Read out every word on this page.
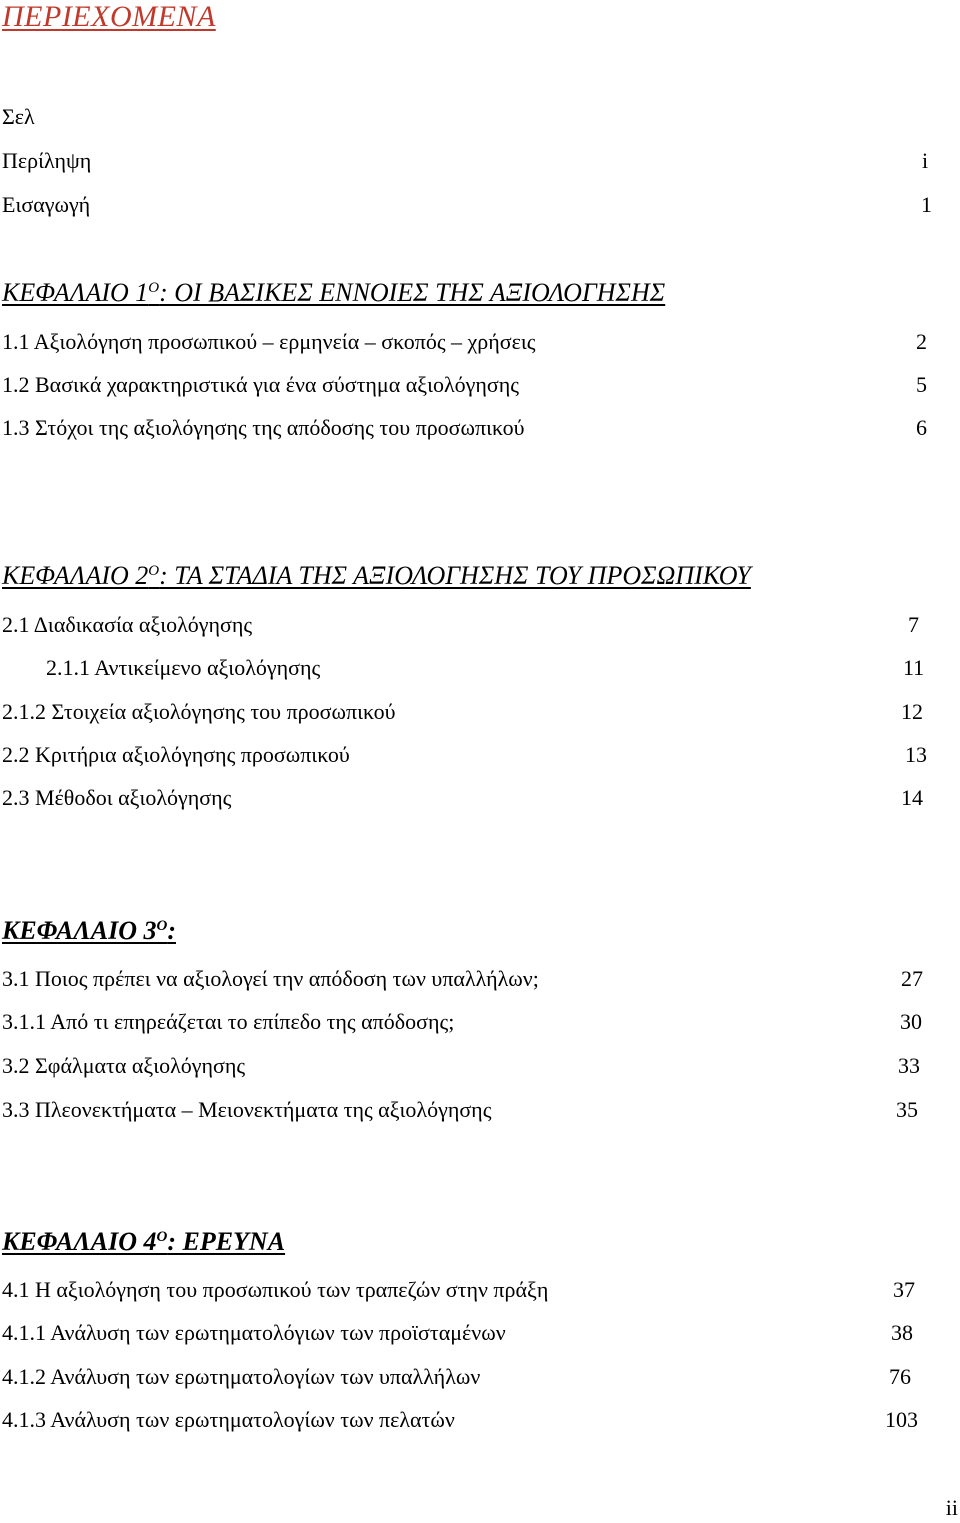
ΠΕΡΙΕΧΟΜΕΝΑ
Σελ
Περίληψη	i
Εισαγωγή	1
ΚΕΦΑΛΑΙΟ $1^O$: ΟΙ ΒΑΣΙΚΕΣ ΕΝΝΟΙΕΣ ΤΗΣ ΑΞΙΟΛΟΓΗΣΗΣ
1.1 Αξιολόγηση προσωπικού – ερμηνεία – σκοπός – χρήσεις	2
1.2 Βασικά χαρακτηριστικά για ένα σύστημα αξιολόγησης	5
1.3 Στόχοι της αξιολόγησης της απόδοσης του προσωπικού	6
ΚΕΦΑΛΑΙΟ $2^O$: ΤΑ ΣΤΑΔΙΑ ΤΗΣ ΑΞΙΟΛΟΓΗΣΗΣ ΤΟΥ ΠΡΟΣΩΠΙΚΟΥ
2.1 Διαδικασία αξιολόγησης	7
2.1.1 Αντικείμενο αξιολόγησης	11
2.1.2 Στοιχεία αξιολόγησης του προσωπικού	12
2.2 Κριτήρια αξιολόγησης προσωπικού	13
2.3 Μέθοδοι αξιολόγησης	14
ΚΕΦΑΛΑΙΟ $3^O$:
3.1 Ποιος πρέπει να αξιολογεί την απόδοση των υπαλλήλων;	27
3.1.1 Από τι επηρεάζεται το επίπεδο της απόδοσης;	30
3.2 Σφάλματα αξιολόγησης	33
3.3 Πλεονεκτήματα – Μειονεκτήματα της αξιολόγησης	35
ΚΕΦΑΛΑΙΟ $4^O$: ΕΡΕΥΝΑ
4.1 Η αξιολόγηση του προσωπικού των τραπεζών στην πράξη	37
4.1.1 Ανάλυση των ερωτηματολόγιων των προϊσταμένων	38
4.1.2 Ανάλυση των ερωτηματολογίων των υπαλλήλων	76
4.1.3 Ανάλυση των ερωτηματολογίων των πελατών	103
ii
